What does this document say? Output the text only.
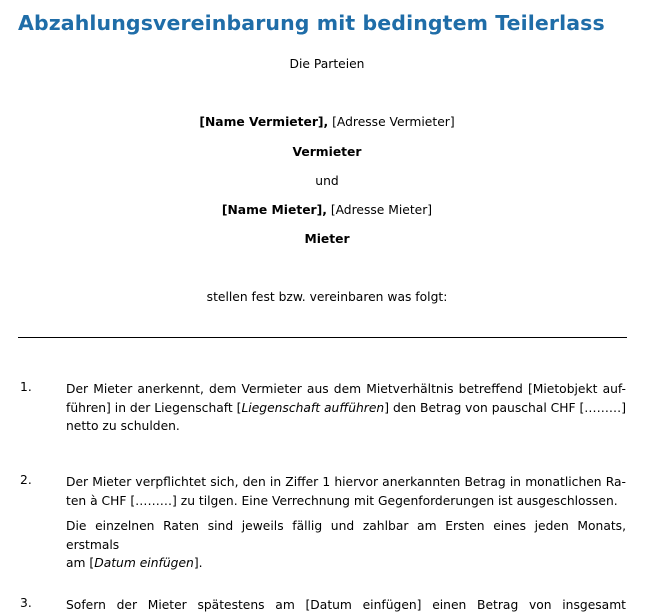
Abzahlungsvereinbarung mit bedingtem Teilerlass
Die Parteien
[Name Vermieter], [Adresse Vermieter]
Vermieter
und
[Name Mieter], [Adresse Mieter]
Mieter
stellen fest bzw. vereinbaren was folgt:
1.	Der Mieter anerkennt, dem Vermieter aus dem Mietverhältnis betreffend [Mietobjekt auf-

führen] in der Liegenschaft [Liegenschaft aufführen] den Betrag von pauschal CHF [………]

netto zu schulden.

2.	Der Mieter verpflichtet sich, den in Ziffer 1 hiervor anerkannten Betrag in monatlichen Ra-

ten à CHF [………] zu tilgen. Eine Verrechnung mit Gegenforderungen ist ausgeschlossen.

Die einzelnen Raten sind jeweils fällig und zahlbar am Ersten eines jeden Monats, erstmals

am [Datum einfügen].

3.	Sofern der Mieter spätestens am [Datum einfügen] einen Betrag von insgesamt
